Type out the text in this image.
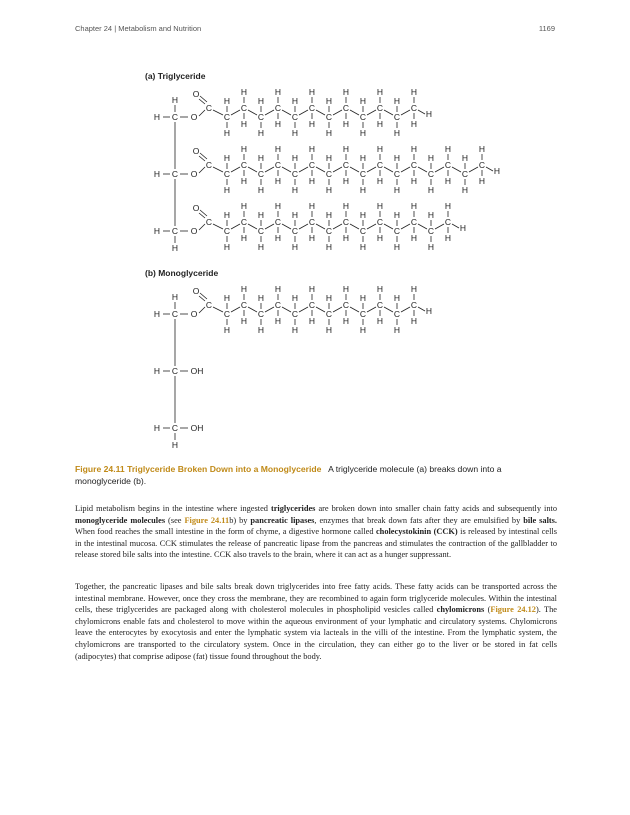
Chapter 24 | Metabolism and Nutrition	1169
(a) Triglyceride
(b) Monoglyceride
H
C
H	O
C
O
C
H
H
C
H
H
C
H
H
C
H
H
C
H
H
C
H
H
C
H
H
C
H
H
C
H
H
C
H
H
C
H
H
C
H
H
H
C
H	O
C
O
C
H
H
C
H
H
C
H
H
C
H
H
C
H
H
C
H
H
C
H
H
C
H
H
C
H
H
C
H
H
C
H
H
C
H
H
C
H
H
C
H
H
C
H
H
C
H
H
H
C
H	O
C
O
C
H
H
C
H
H
C
H
H
C
H
H
C
H
H
C
H
H
C
H
H
C
H
H
C
H
H
C
H
H
C
H
H
C
H
H
C
H
H
C
H
H
H
H
H
C
H	O
C
O
C
H
H
C
H
H
C
H
H
C
H
H
C
H
H
C
H
H
C
H
H
C
H
H
C
H
H
C
H
H
C
H
H
C
H
H
H
H C OH
H C OH
H
Figure 24.11 Triglyceride Broken Down into a Monoglyceride A triglyceride molecule (a) breaks down into a monoglyceride (b).

Lipid metabolism begins in the intestine where ingested triglycerides are broken down into smaller chain fatty acids and subsequently into monoglyceride molecules (see Figure 24.11b) by pancreatic lipases, enzymes that break down fats after they are emulsified by bile salts. When food reaches the small intestine in the form of chyme, a digestive hormone called cholecystokinin (CCK) is released by intestinal cells in the intestinal mucosa. CCK stimulates the release of pancreatic lipase from the pancreas and stimulates the contraction of the gallbladder to release stored bile salts into the intestine. CCK also travels to the brain, where it can act as a hunger suppressant.

Together, the pancreatic lipases and bile salts break down triglycerides into free fatty acids. These fatty acids can be transported across the intestinal membrane. However, once they cross the membrane, they are recombined to again form triglyceride molecules. Within the intestinal cells, these triglycerides are packaged along with cholesterol molecules in phospholipid vesicles called chylomicrons (Figure 24.12). The chylomicrons enable fats and cholesterol to move within the aqueous environment of your lymphatic and circulatory systems. Chylomicrons leave the enterocytes by exocytosis and enter the lymphatic system via lacteals in the villi of the intestine. From the lymphatic system, the chylomicrons are transported to the circulatory system. Once in the circulation, they can either go to the liver or be stored in fat cells (adipocytes) that comprise adipose (fat) tissue found throughout the body.
